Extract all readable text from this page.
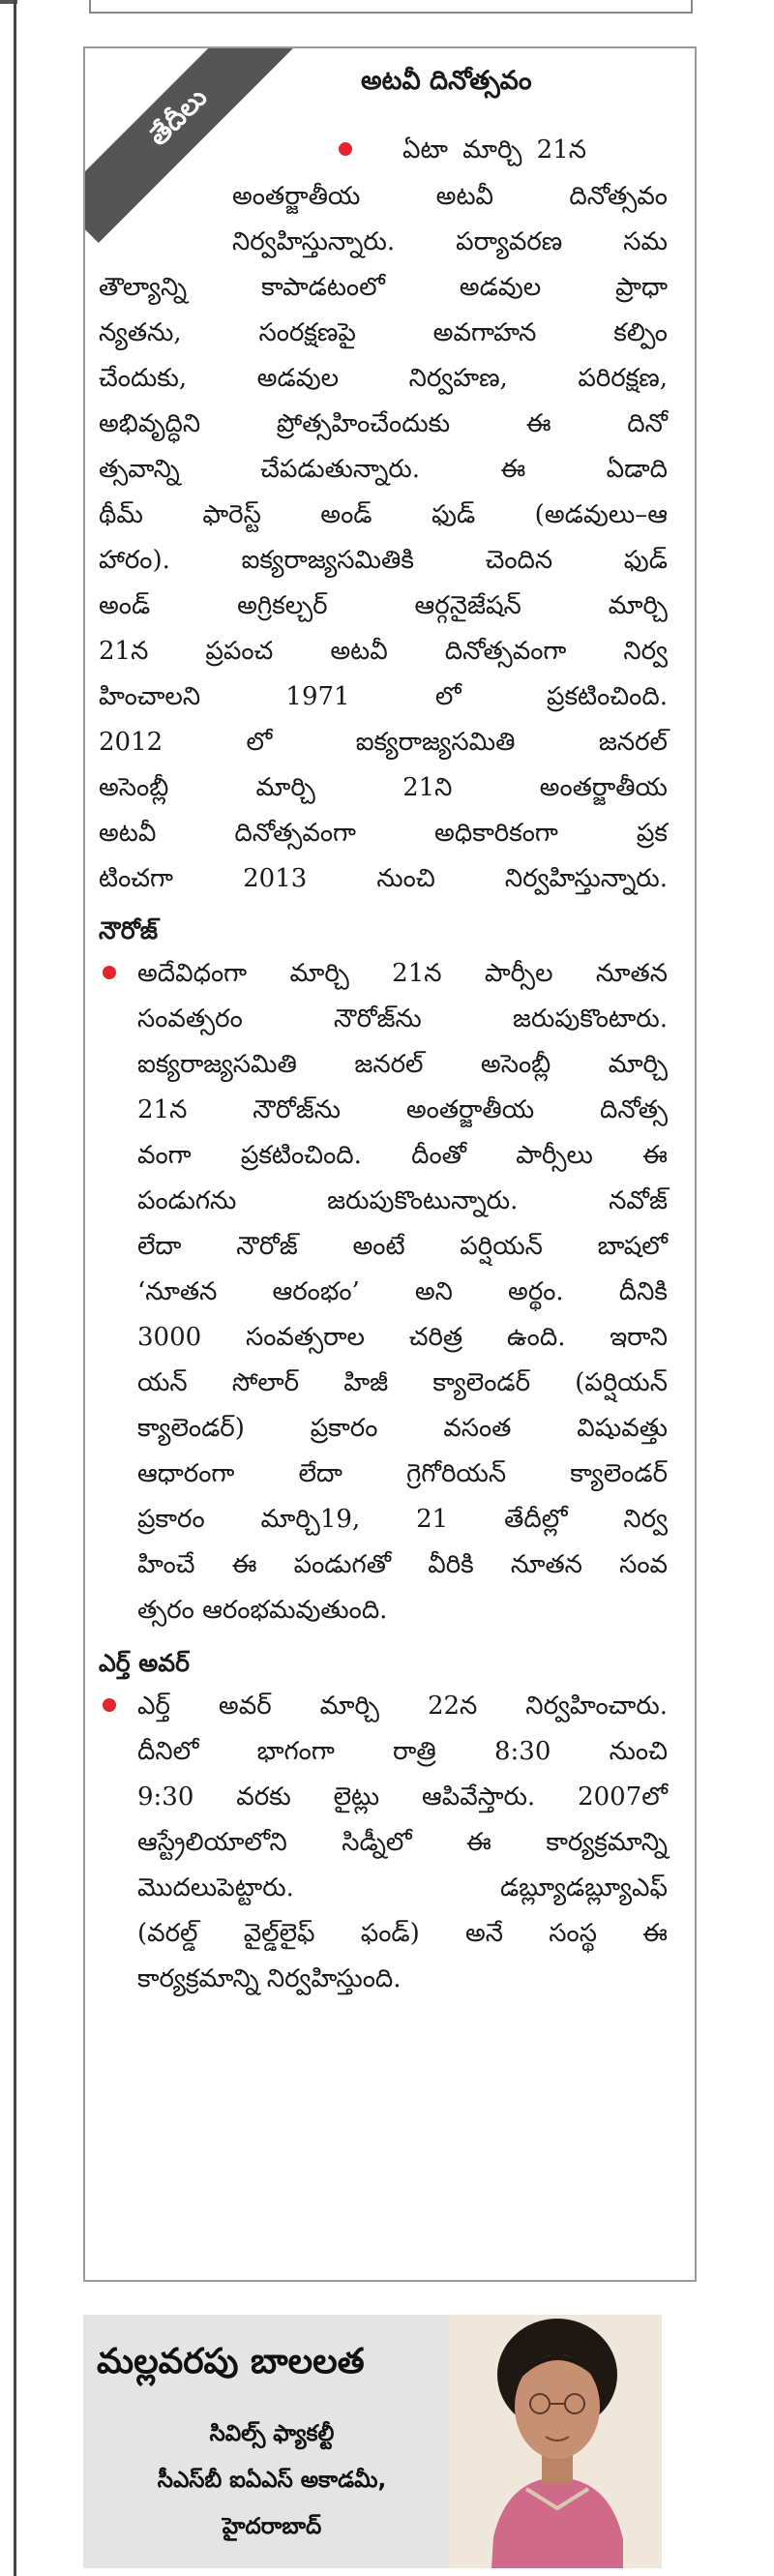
తేదీలు
అటవీ దినోత్సవం
ఏటా మార్చి 21న
అంతర్జాతీయ అటవీ దినోత్సవం
నిర్వహిస్తున్నారు. పర్యావరణ సమ
తౌల్యాన్ని కాపాడటంలో అడవుల ప్రాధా
న్యతను, సంరక్షణపై అవగాహన కల్పిం
చేందుకు, అడవుల నిర్వహణ, పరిరక్షణ,
అభివృద్ధిని ప్రోత్సహించేందుకు ఈ దినో
త్సవాన్ని చేపడుతున్నారు. ఈ ఏడాది
థీమ్ ఫారెస్ట్ అండ్ ఫుడ్ (అడవులు–ఆ
హారం). ఐక్యరాజ్యసమితికి చెందిన ఫుడ్
అండ్ అగ్రికల్చర్ ఆర్గనైజేషన్ మార్చి
21న ప్రపంచ అటవీ దినోత్సవంగా నిర్వ
హించాలని 1971 లో ప్రకటించింది.
2012 లో ఐక్యరాజ్యసమితి జనరల్
అసెంబ్లీ మార్చి 21ని అంతర్జాతీయ
అటవీ దినోత్సవంగా అధికారికంగా ప్రక
టించగా 2013 నుంచి నిర్వహిస్తున్నారు.
నౌరోజ్
అదేవిధంగా మార్చి 21న పార్సీల నూతన
సంవత్సరం నౌరోజ్‌ను జరుపుకొంటారు.
ఐక్యరాజ్యసమితి జనరల్ అసెంబ్లీ మార్చి
21న నౌరోజ్‌ను అంతర్జాతీయ దినోత్స
వంగా ప్రకటించింది. దీంతో పార్సీలు ఈ
పండుగను జరుపుకొంటున్నారు. నవోజ్
లేదా నౌరోజ్ అంటే పర్షియన్ బాషలో
‘నూతన ఆరంభం’ అని అర్థం. దీనికి
3000 సంవత్సరాల చరిత్ర ఉంది. ఇరాని
యన్ సోలార్ హిజీ క్యాలెండర్ (పర్షియన్
క్యాలెండర్) ప్రకారం వసంత విషువత్తు
ఆధారంగా లేదా గ్రెగోరియన్ క్యాలెండర్
ప్రకారం మార్చి19, 21 తేదీల్లో నిర్వ
హించే ఈ పండుగతో వీరికి నూతన సంవ
త్సరం ఆరంభమవుతుంది.
ఎర్త్ అవర్
ఎర్త్ అవర్ మార్చి 22న నిర్వహించారు.
దీనిలో భాగంగా రాత్రి 8:30 నుంచి
9:30 వరకు లైట్లు ఆపివేస్తారు. 2007లో
ఆస్ట్రేలియాలోని సిడ్నీలో ఈ కార్యక్రమాన్ని
మొదలుపెట్టారు. డబ్ల్యూడబ్ల్యూఎఫ్
(వరల్డ్ వైల్డ్‌లైఫ్ ఫండ్) అనే సంస్థ ఈ
కార్యక్రమాన్ని నిర్వహిస్తుంది.
మల్లవరపు బాలలత
సివిల్స్ ఫ్యాకల్టీ
సీఎస్‌బీ ఐఏఎస్ అకాడమీ,
హైదరాబాద్
